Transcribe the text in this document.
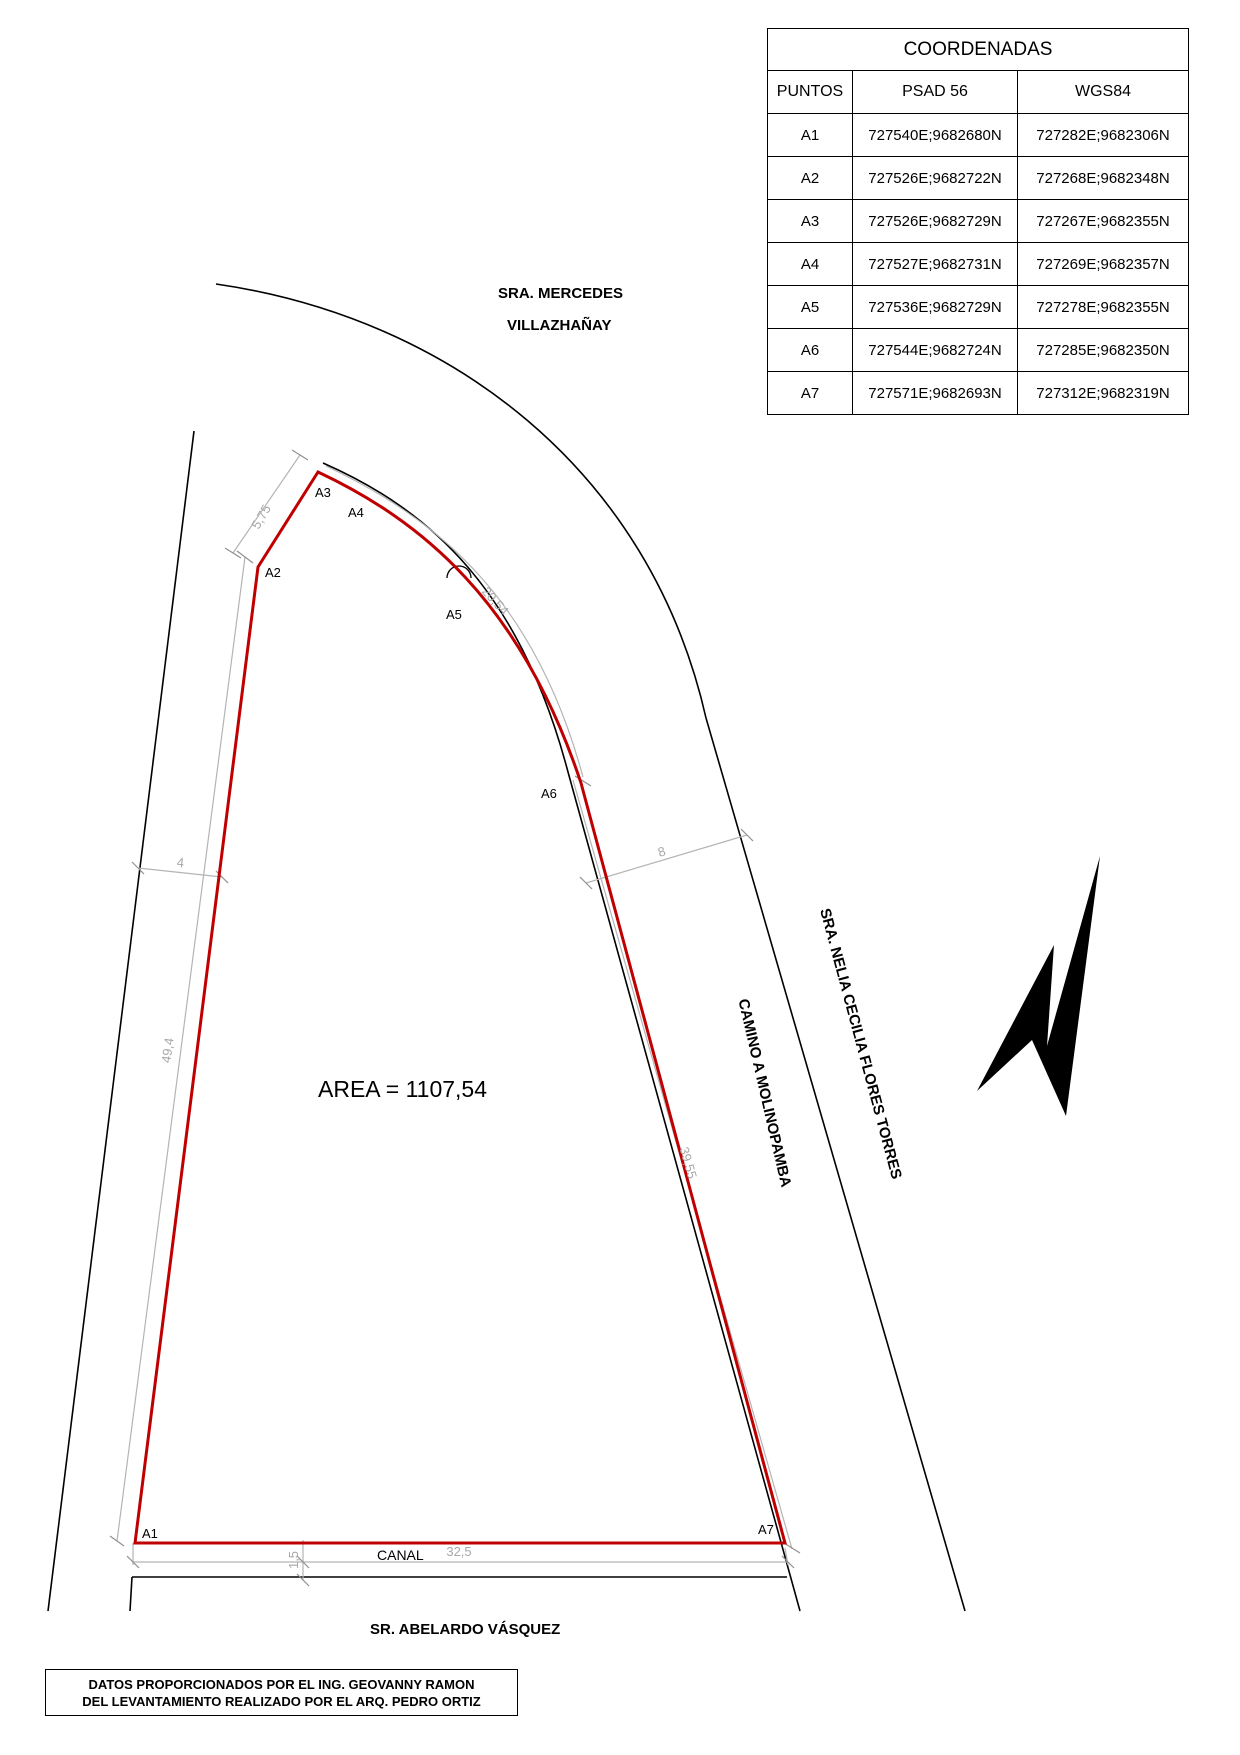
COORDENADAS		
PUNTOS	PSAD 56	WGS84
A1	727540E;9682680N	727282E;9682306N
A2	727526E;9682722N	727268E;9682348N
A3	727526E;9682729N	727267E;9682355N
A4	727527E;9682731N	727269E;9682357N
A5	727536E;9682729N	727278E;9682355N
A6	727544E;9682724N	727285E;9682350N
A7	727571E;9682693N	727312E;9682319N
SRA. MERCEDES
VILLAZHAÑAY
SR. ABELARDO VÁSQUEZ
A1
A2
A3
A4
A5
A6
A7
5,75
20,54
8
4
49,4
39,55
32,5
1,5	CANAL
AREA = 1107,54	SRA. NELIA CECILIA FLORES TORRES
CAMINO A MOLINOPAMBA
DATOS PROPORCIONADOS POR EL ING. GEOVANNY RAMON
DEL LEVANTAMIENTO REALIZADO POR EL ARQ. PEDRO ORTIZ
